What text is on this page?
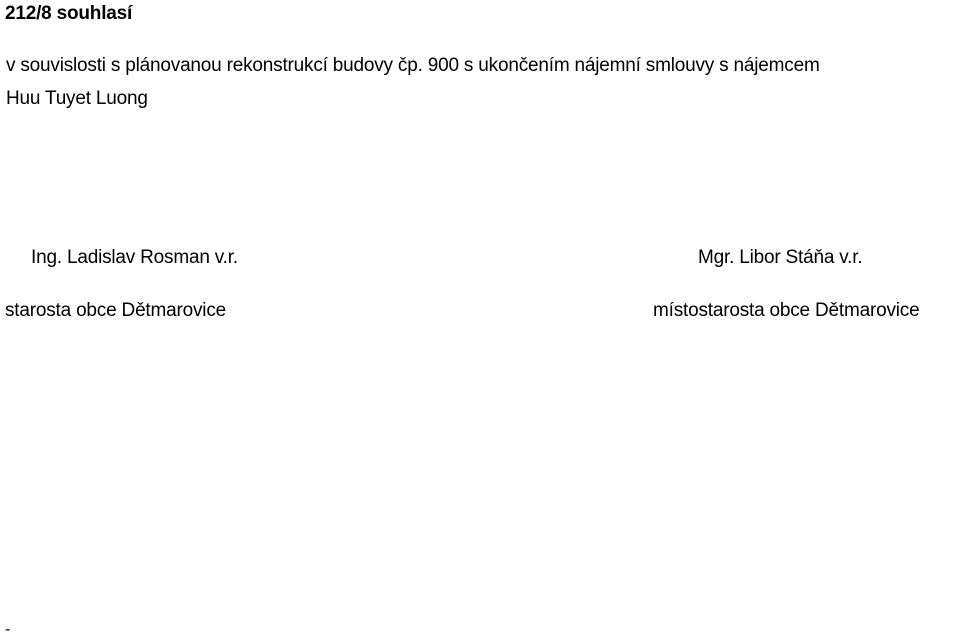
212/8 souhlasí
v souvislosti s plánovanou rekonstrukcí budovy čp. 900 s ukončením nájemní smlouvy s nájemcem
Huu Tuyet Luong
Ing. Ladislav Rosman v.r.
starosta obce Dětmarovice
Mgr. Libor Stáňa v.r.
místostarosta obce Dětmarovice
-
